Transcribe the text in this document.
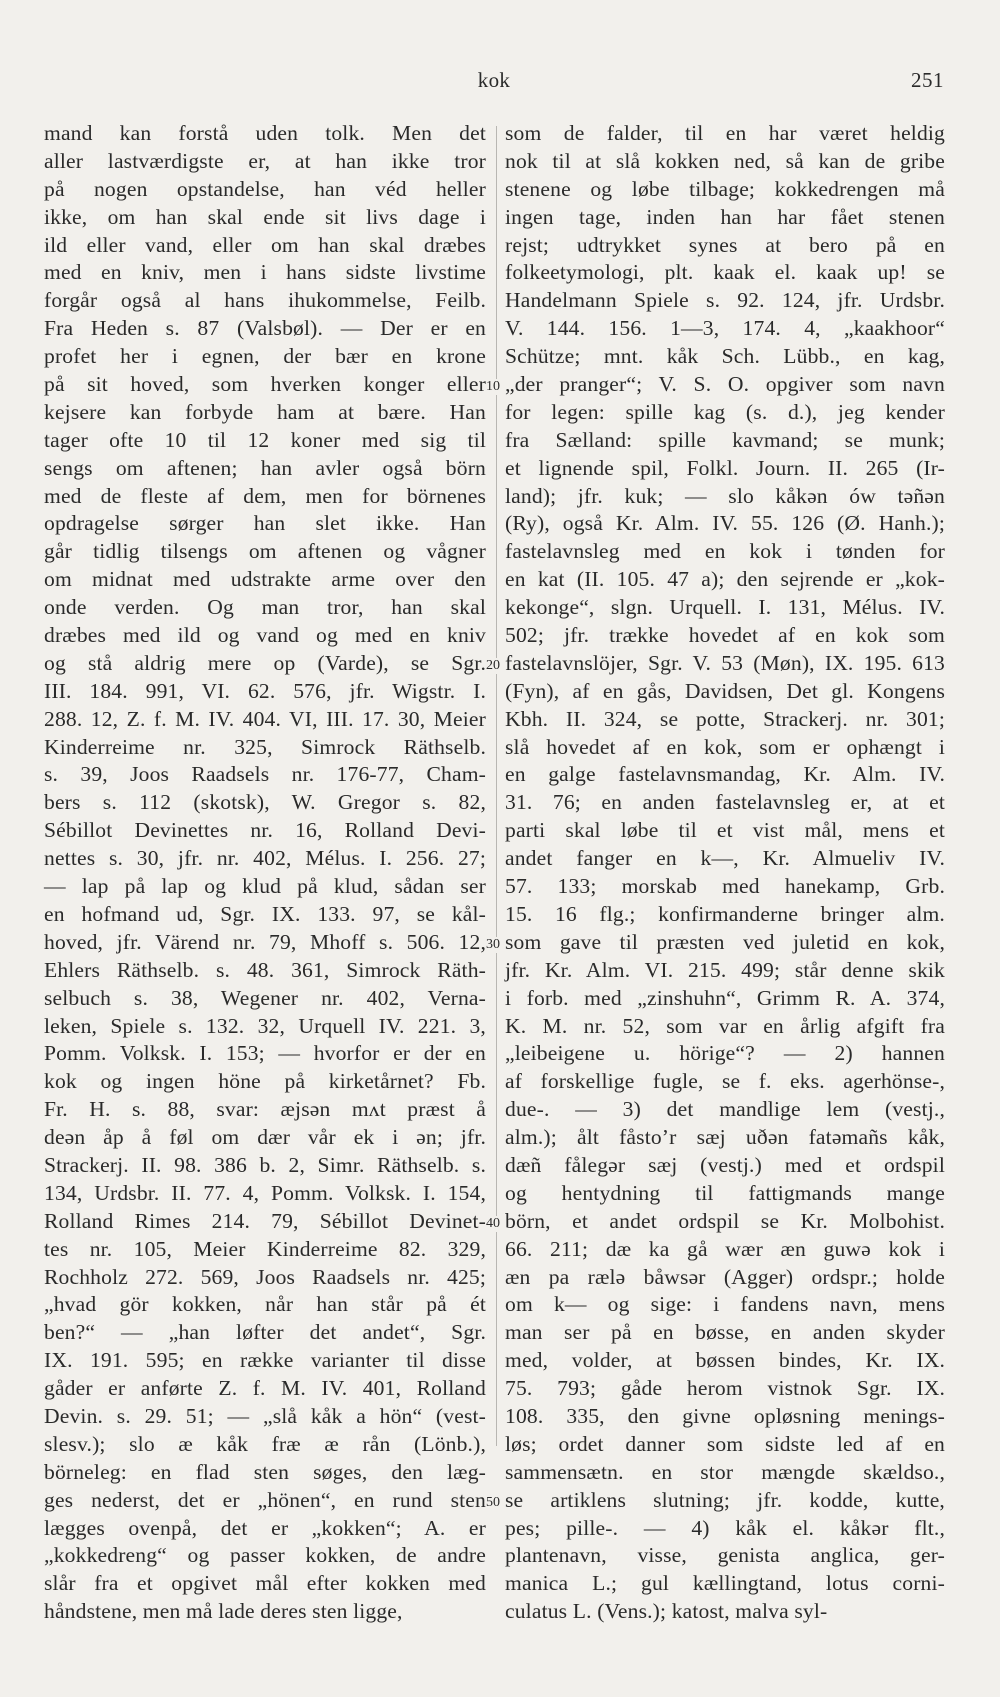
kok	251
10
20
30
40
50
mand kan forstå uden tolk. Men det
aller lastværdigste er, at han ikke tror
på nogen opstandelse, han véd heller
ikke, om han skal ende sit livs dage i
ild eller vand, eller om han skal dræbes
med en kniv, men i hans sidste livstime
forgår også al hans ihukommelse, Feilb.
Fra Heden s. 87 (Valsbøl). — Der er en
profet her i egnen, der bær en krone
på sit hoved, som hverken konger eller
kejsere kan forbyde ham at bære. Han
tager ofte 10 til 12 koner med sig til
sengs om aftenen; han avler også börn
med de fleste af dem, men for börnenes
opdragelse sørger han slet ikke. Han
går tidlig tilsengs om aftenen og vågner
om midnat med udstrakte arme over den
onde verden. Og man tror, han skal
dræbes med ild og vand og med en kniv
og stå aldrig mere op (Varde), se Sgr.
III. 184. 991, VI. 62. 576, jfr. Wigstr. I.
288. 12, Z. f. M. IV. 404. VI, III. 17. 30, Meier
Kinderreime nr. 325, Simrock Räthselb.
s. 39, Joos Raadsels nr. 176-77, Cham-
bers s. 112 (skotsk), W. Gregor s. 82,
Sébillot Devinettes nr. 16, Rolland Devi-
nettes s. 30, jfr. nr. 402, Mélus. I. 256. 27;
— lap på lap og klud på klud, sådan ser
en hofmand ud, Sgr. IX. 133. 97, se kål-
hoved, jfr. Värend nr. 79, Mhoff s. 506. 12,
Ehlers Räthselb. s. 48. 361, Simrock Räth-
selbuch s. 38, Wegener nr. 402, Verna-
leken, Spiele s. 132. 32, Urquell IV. 221. 3,
Pomm. Volksk. I. 153; — hvorfor er der en
kok og ingen höne på kirketårnet? Fb.
Fr. H. s. 88, svar: æjsən mʌt præst å
deən åp å føl om dær vår ek i ən; jfr.
Strackerj. II. 98. 386 b. 2, Simr. Räthselb. s.
134, Urdsbr. II. 77. 4, Pomm. Volksk. I. 154,
Rolland Rimes 214. 79, Sébillot Devinet-
tes nr. 105, Meier Kinderreime 82. 329,
Rochholz 272. 569, Joos Raadsels nr. 425;
„hvad gör kokken, når han står på ét
ben?“ — „han løfter det andet“, Sgr.
IX. 191. 595; en række varianter til disse
gåder er anførte Z. f. M. IV. 401, Rolland
Devin. s. 29. 51; — „slå kåk a hön“ (vest-
slesv.); slo æ kåk fræ æ rån (Lönb.),
börneleg: en flad sten søges, den læg-
ges nederst, det er „hönen“, en rund sten
lægges ovenpå, det er „kokken“; A. er
„kokkedreng“ og passer kokken, de andre
slår fra et opgivet mål efter kokken med
håndstene, men må lade deres sten ligge,
som de falder, til en har været heldig
nok til at slå kokken ned, så kan de gribe
stenene og løbe tilbage; kokkedrengen må
ingen tage, inden han har fået stenen
rejst; udtrykket synes at bero på en
folkeetymologi, plt. kaak el. kaak up! se
Handelmann Spiele s. 92. 124, jfr. Urdsbr.
V. 144. 156. 1—3, 174. 4, „kaakhoor“
Schütze; mnt. kåk Sch. Lübb., en kag,
„der pranger“; V. S. O. opgiver som navn
for legen: spille kag (s. d.), jeg kender
fra Sælland: spille kavmand; se munk;
et lignende spil, Folkl. Journ. II. 265 (Ir-
land); jfr. kuk; — slo kåkən ów təñən
(Ry), også Kr. Alm. IV. 55. 126 (Ø. Hanh.);
fastelavnsleg med en kok i tønden for
en kat (II. 105. 47 a); den sejrende er „kok-
kekonge“, slgn. Urquell. I. 131, Mélus. IV.
502; jfr. trække hovedet af en kok som
fastelavnslöjer, Sgr. V. 53 (Møn), IX. 195. 613
(Fyn), af en gås, Davidsen, Det gl. Kongens
Kbh. II. 324, se potte, Strackerj. nr. 301;
slå hovedet af en kok, som er ophængt i
en galge fastelavnsmandag, Kr. Alm. IV.
31. 76; en anden fastelavnsleg er, at et
parti skal løbe til et vist mål, mens et
andet fanger en k—, Kr. Almueliv IV.
57. 133; morskab med hanekamp, Grb.
15. 16 flg.; konfirmanderne bringer alm.
som gave til præsten ved juletid en kok,
jfr. Kr. Alm. VI. 215. 499; står denne skik
i forb. med „zinshuhn“, Grimm R. A. 374,
K. M. nr. 52, som var en årlig afgift fra
„leibeigene u. hörige“? — 2) hannen
af forskellige fugle, se f. eks. agerhönse-,
due-. — 3) det mandlige lem (vestj.,
alm.); ålt fåstoʼr sæj uðən fatəmañs kåk,
dæñ fålegər sæj (vestj.) med et ordspil
og hentydning til fattigmands mange
börn, et andet ordspil se Kr. Molbohist.
66. 211; dæ ka gå wær æn guwə kok i
æn pa rælə båwsər (Agger) ordspr.; holde
om k— og sige: i fandens navn, mens
man ser på en bøsse, en anden skyder
med, volder, at bøssen bindes, Kr. IX.
75. 793; gåde herom vistnok Sgr. IX.
108. 335, den givne opløsning menings-
løs; ordet danner som sidste led af en
sammensætn. en stor mængde skældso.,
se artiklens slutning; jfr. kodde, kutte,
pes; pille-. — 4) kåk el. kåkər flt.,
plantenavn, visse, genista anglica, ger-
manica L.; gul kællingtand, lotus corni-
culatus L. (Vens.); katost, malva syl-
